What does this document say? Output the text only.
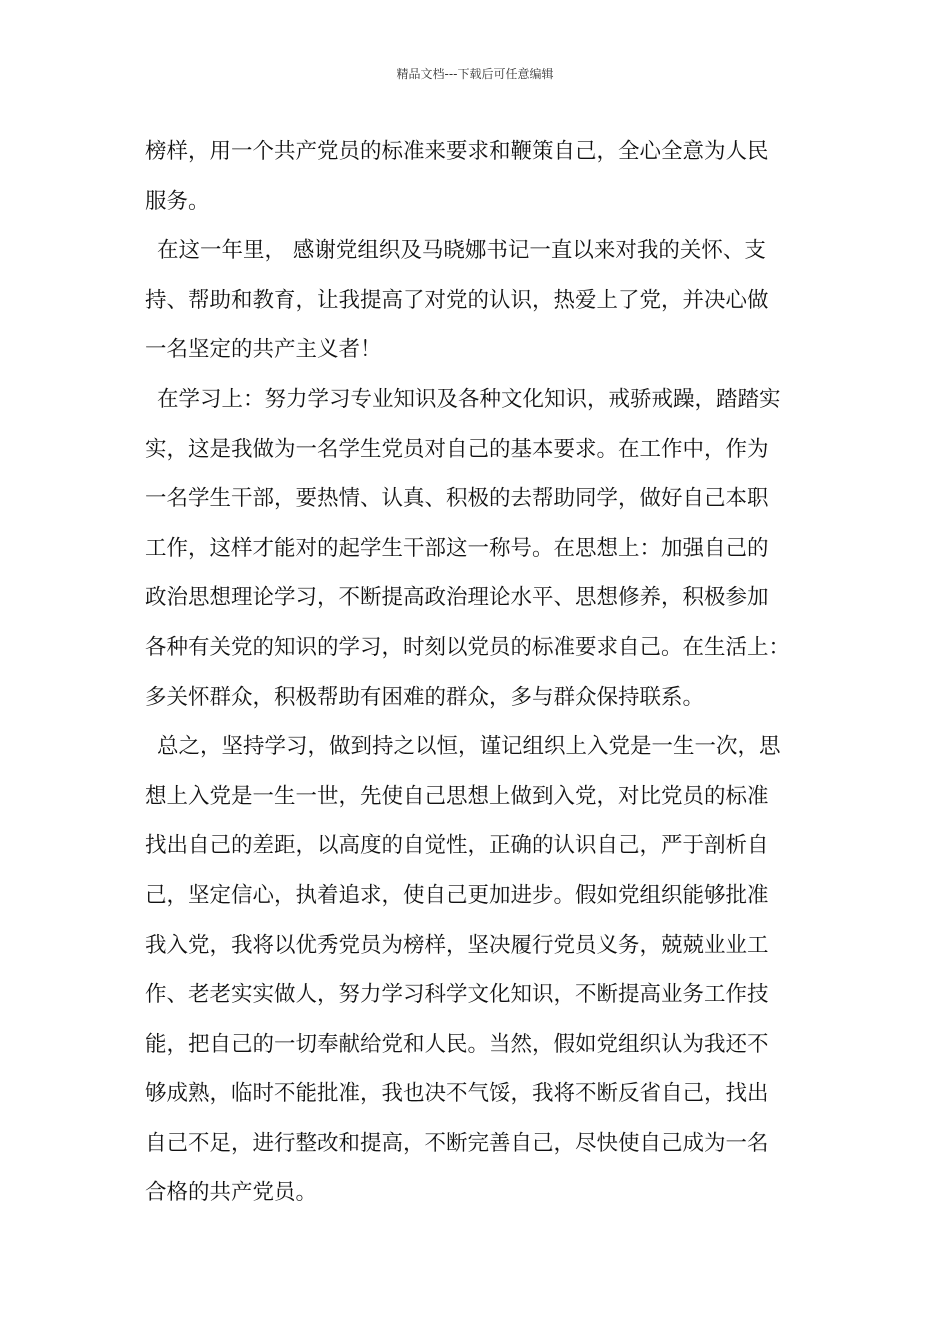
精品文档---下载后可任意编辑
榜样，用一个共产党员的标准来要求和鞭策自己，全心全意为人民
服务。
在这一年里， 感谢党组织及马晓娜书记一直以来对我的关怀、支
持、帮助和教育，让我提高了对党的认识，热爱上了党，并决心做
一名坚定的共产主义者！
在学习上：努力学习专业知识及各种文化知识，戒骄戒躁，踏踏实
实，这是我做为一名学生党员对自己的基本要求。在工作中，作为
一名学生干部，要热情、认真、积极的去帮助同学，做好自己本职
工作，这样才能对的起学生干部这一称号。在思想上：加强自己的
政治思想理论学习，不断提高政治理论水平、思想修养，积极参加
各种有关党的知识的学习，时刻以党员的标准要求自己。在生活上：
多关怀群众，积极帮助有困难的群众，多与群众保持联系。
总之，坚持学习，做到持之以恒，谨记组织上入党是一生一次，思
想上入党是一生一世，先使自己思想上做到入党，对比党员的标准
找出自己的差距，以高度的自觉性，正确的认识自己，严于剖析自
己，坚定信心，执着追求，使自己更加进步。假如党组织能够批准
我入党，我将以优秀党员为榜样，坚决履行党员义务，兢兢业业工
作、老老实实做人，努力学习科学文化知识，不断提高业务工作技
能，把自己的一切奉献给党和人民。当然，假如党组织认为我还不
够成熟，临时不能批准，我也决不气馁，我将不断反省自己，找出
自己不足，进行整改和提高，不断完善自己，尽快使自己成为一名
合格的共产党员。
